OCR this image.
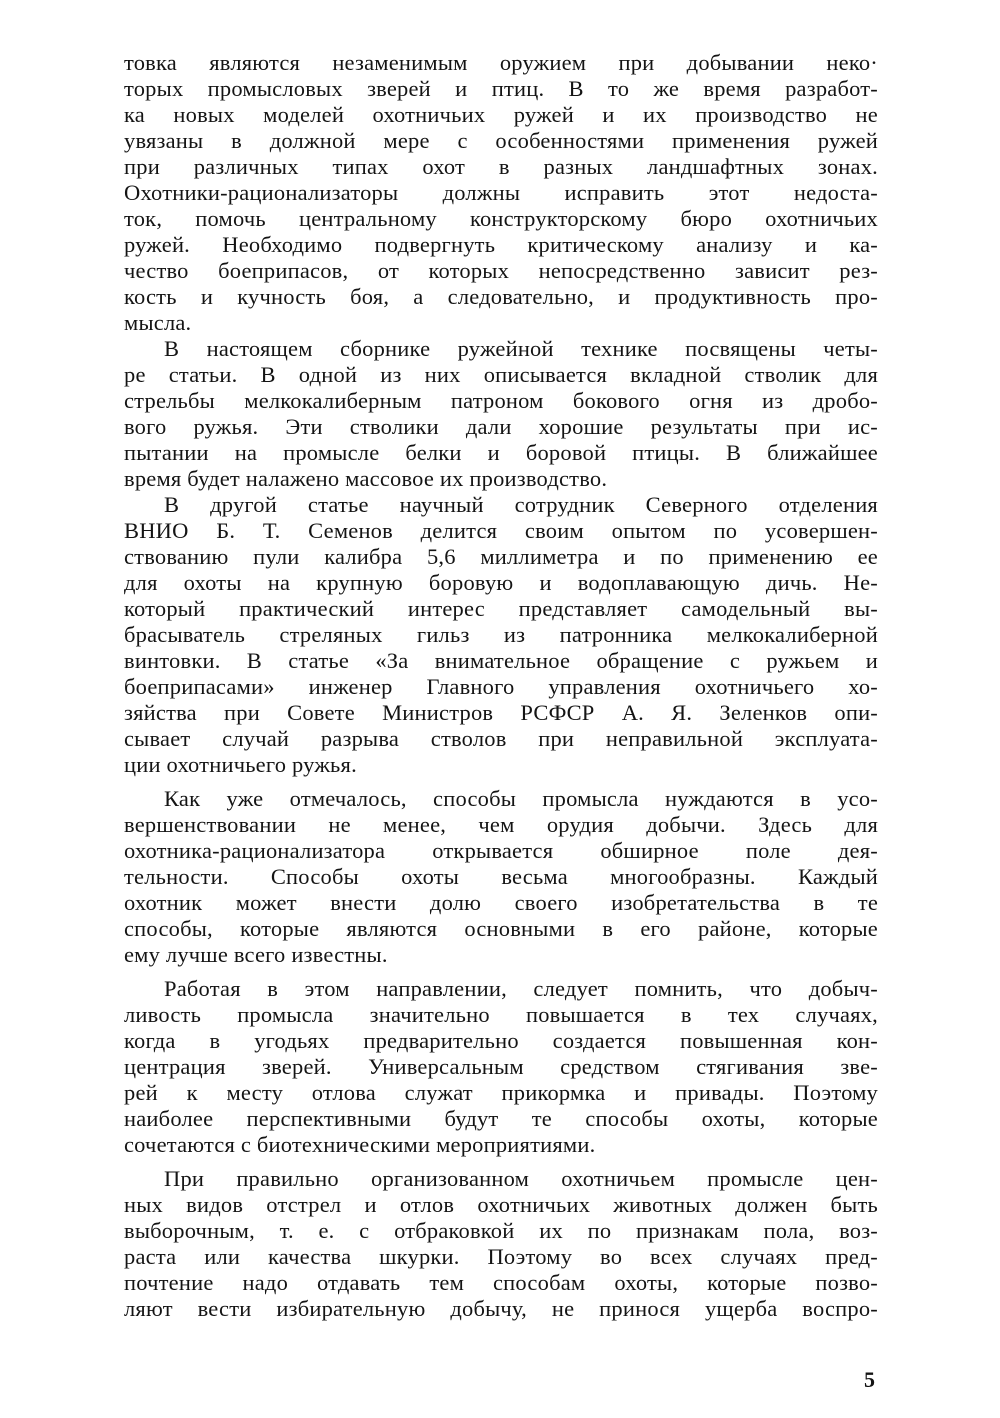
товка являются незаменимым оружием при добывании неко·
торых промысловых зверей и птиц. В то же время разработ-
ка новых моделей охотничьих ружей и их производство не
увязаны в должной мере с особенностями применения ружей
при различных типах охот в разных ландшафтных зонах.
Охотники-рационализаторы должны исправить этот недоста-
ток, помочь центральному конструкторскому бюро охотничьих
ружей. Необходимо подвергнуть критическому анализу и ка-
чество боеприпасов, от которых непосредственно зависит рез-
кость и кучность боя, а следовательно, и продуктивность про-
мысла.
В настоящем сборнике ружейной технике посвящены четы-
ре статьи. В одной из них описывается вкладной стволик для
стрельбы мелкокалиберным патроном бокового огня из дробо-
вого ружья. Эти стволики дали хорошие результаты при ис-
пытании на промысле белки и боровой птицы. В ближайшее
время будет налажено массовое их производство.
В другой статье научный сотрудник Северного отделения
ВНИО Б. Т. Семенов делится своим опытом по усовершен-
ствованию пули калибра 5,6 миллиметра и по применению ее
для охоты на крупную боровую и водоплавающую дичь. Не-
который практический интерес представляет самодельный вы-
брасыватель стреляных гильз из патронника мелкокалиберной
винтовки. В статье «За внимательное обращение с ружьем и
боеприпасами» инженер Главного управления охотничьего хо-
зяйства при Совете Министров РСФСР А. Я. Зеленков опи-
сывает случай разрыва стволов при неправильной эксплуата-
ции охотничьего ружья.
Как уже отмечалось, способы промысла нуждаются в усо-
вершенствовании не менее, чем орудия добычи. Здесь для
охотника-рационализатора открывается обширное поле дея-
тельности. Способы охоты весьма многообразны. Каждый
охотник может внести долю своего изобретательства в те
способы, которые являются основными в его районе, которые
ему лучше всего известны.
Работая в этом направлении, следует помнить, что добыч-
ливость промысла значительно повышается в тех случаях,
когда в угодьях предварительно создается повышенная кон-
центрация зверей. Универсальным средством стягивания зве-
рей к месту отлова служат прикормка и привады. Поэтому
наиболее перспективными будут те способы охоты, которые
сочетаются с биотехническими мероприятиями.
При правильно организованном охотничьем промысле цен-
ных видов отстрел и отлов охотничьих животных должен быть
выборочным, т. е. с отбраковкой их по признакам пола, воз-
раста или качества шкурки. Поэтому во всех случаях пред-
почтение надо отдавать тем способам охоты, которые позво-
ляют вести избирательную добычу, не принося ущерба воспро-
5
